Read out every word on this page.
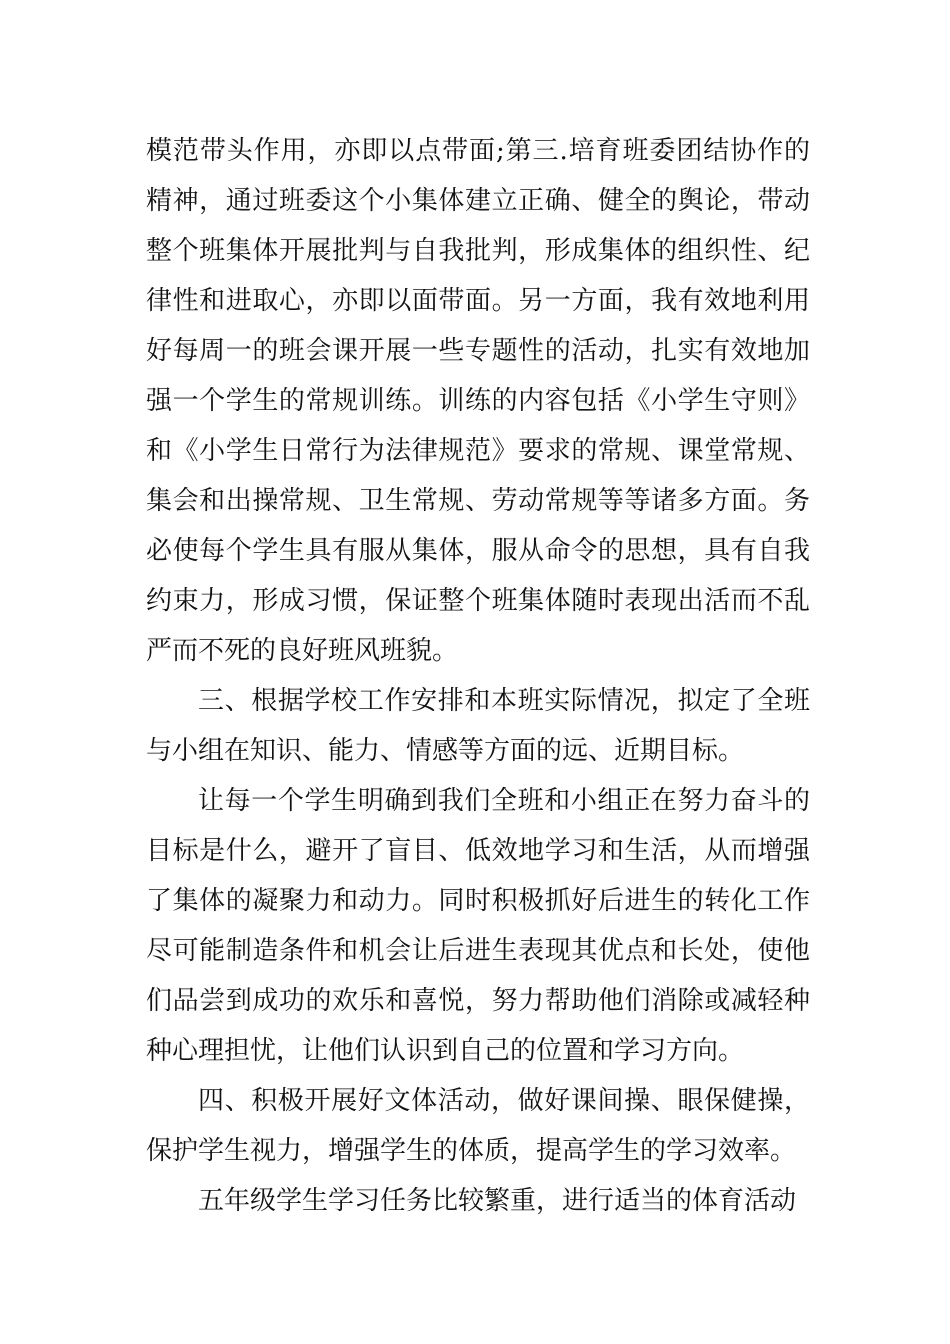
模范带头作用，亦即以点带面;第三.培育班委团结协作的精神，通过班委这个小集体建立正确、健全的舆论，带动整个班集体开展批判与自我批判，形成集体的组织性、纪律性和进取心，亦即以面带面。另一方面，我有效地利用好每周一的班会课开展一些专题性的活动，扎实有效地加强一个学生的常规训练。训练的内容包括《小学生守则》和《小学生日常行为法律规范》要求的常规、课堂常规、集会和出操常规、卫生常规、劳动常规等等诸多方面。务必使每个学生具有服从集体，服从命令的思想，具有自我约束力，形成习惯，保证整个班集体随时表现出活而不乱严而不死的良好班风班貌。

三、根据学校工作安排和本班实际情况，拟定了全班与小组在知识、能力、情感等方面的远、近期目标。

让每一个学生明确到我们全班和小组正在努力奋斗的目标是什么，避开了盲目、低效地学习和生活，从而增强了集体的凝聚力和动力。同时积极抓好后进生的转化工作尽可能制造条件和机会让后进生表现其优点和长处，使他们品尝到成功的欢乐和喜悦，努力帮助他们消除或减轻种种心理担忧，让他们认识到自己的位置和学习方向。

四、积极开展好文体活动，做好课间操、眼保健操，保护学生视力，增强学生的体质，提高学生的学习效率。

五年级学生学习任务比较繁重，进行适当的体育活动
